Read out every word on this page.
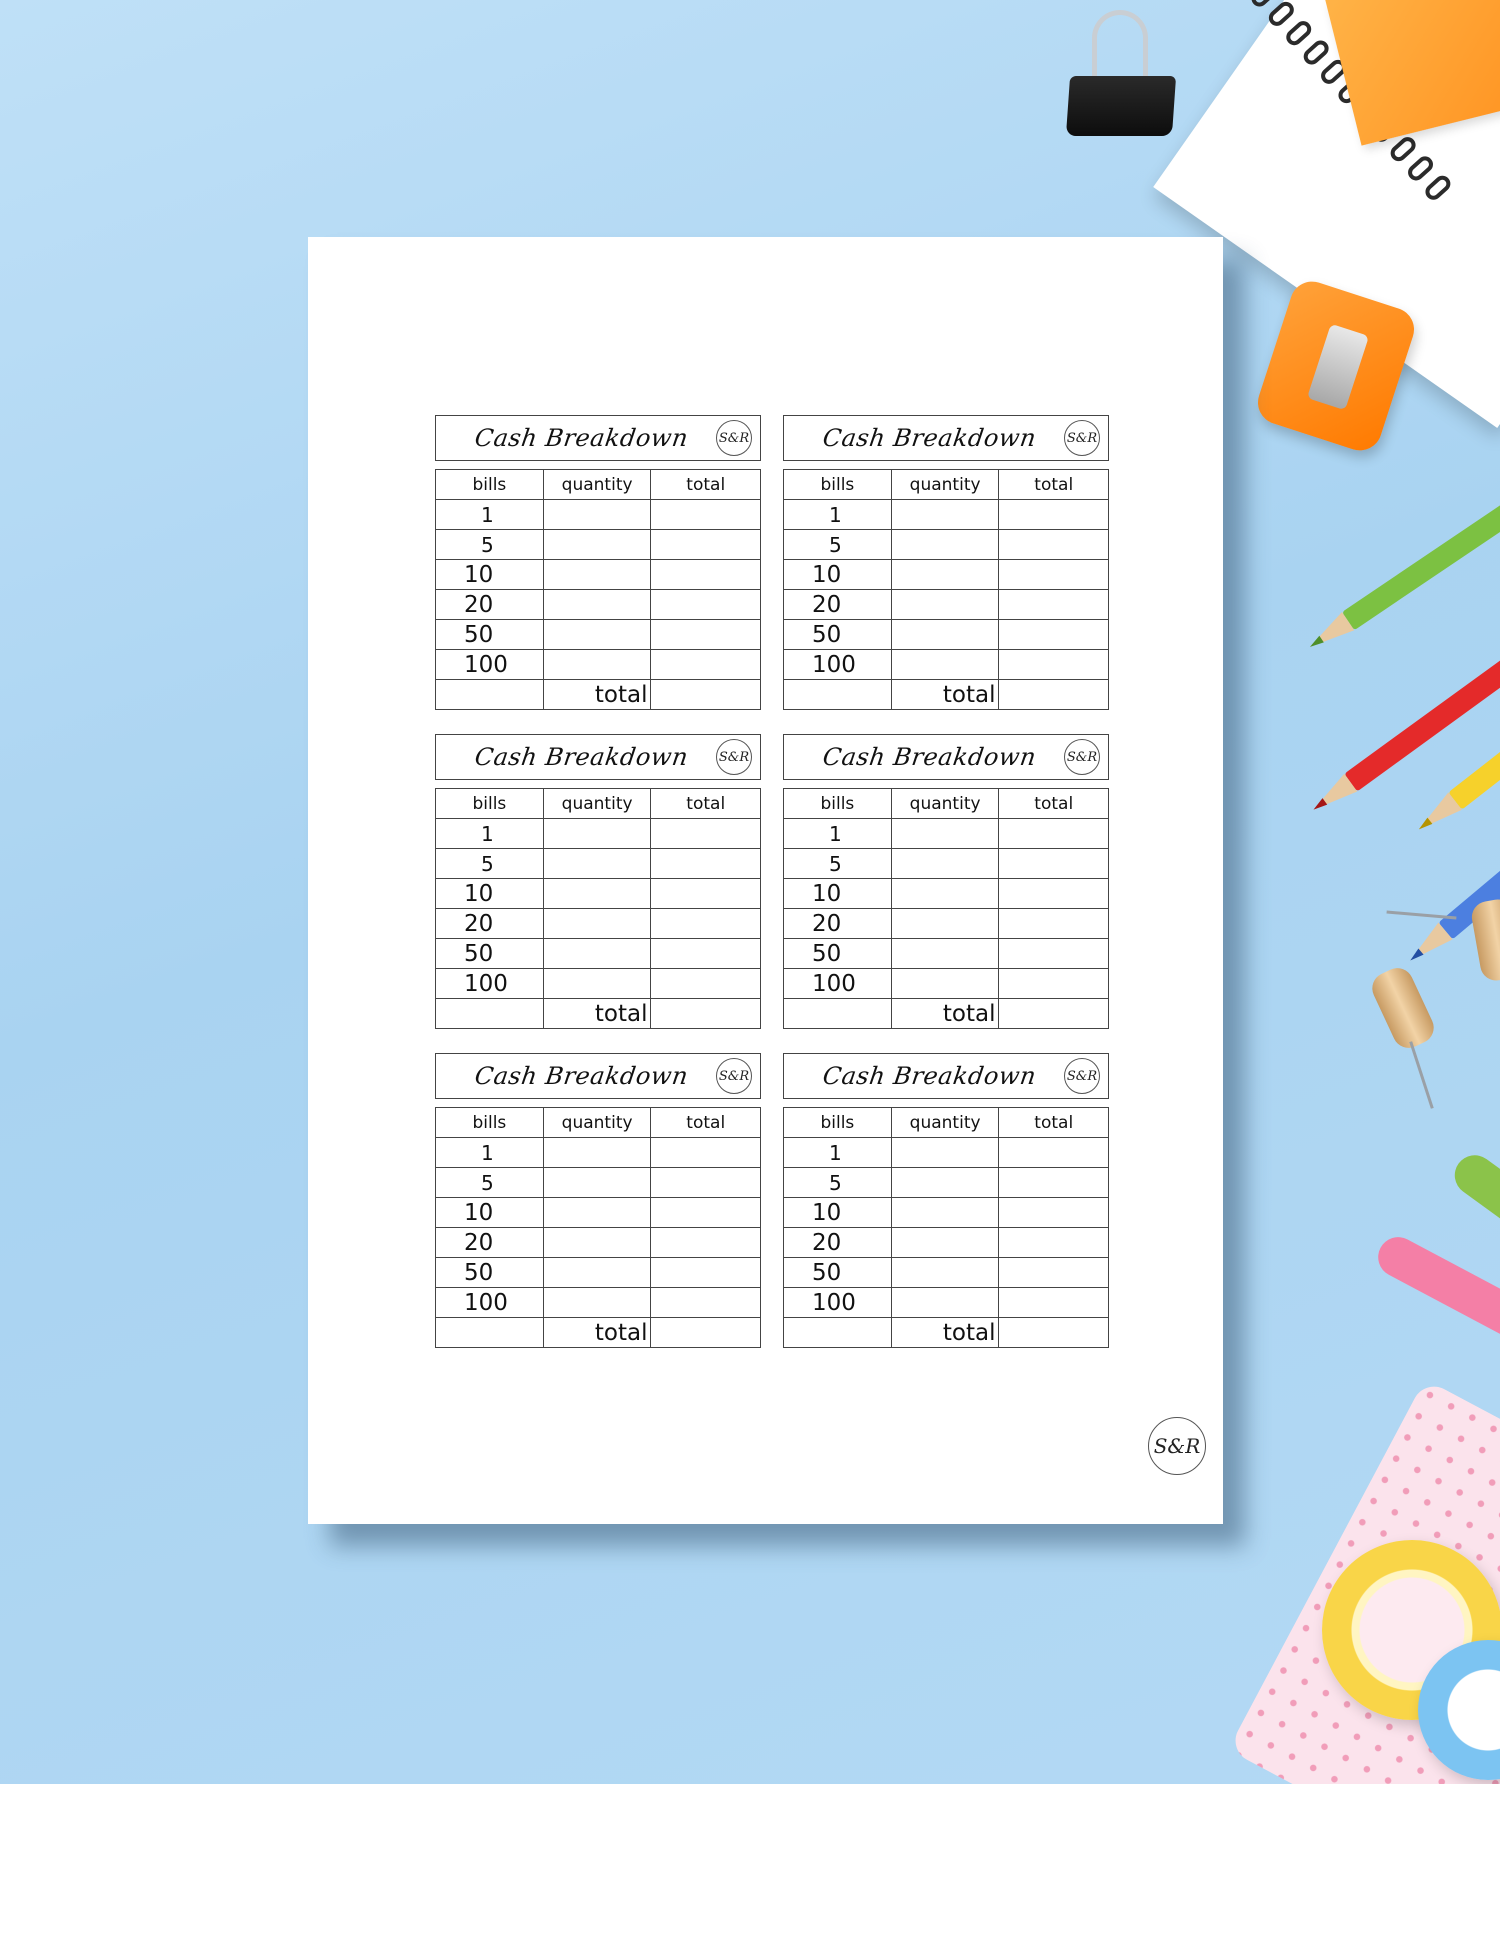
Cash Breakdown S&R
bills	quantity	total
1		
5		
10		
20		
50		
100		
	total	
Cash Breakdown S&R
bills	quantity	total
1		
5		
10		
20		
50		
100		
	total	
Cash Breakdown S&R
bills	quantity	total
1		
5		
10		
20		
50		
100		
	total	
Cash Breakdown S&R
bills	quantity	total
1		
5		
10		
20		
50		
100		
	total	
Cash Breakdown S&R
bills	quantity	total
1		
5		
10		
20		
50		
100		
	total	
Cash Breakdown S&R
bills	quantity	total
1		
5		
10		
20		
50		
100		
	total	
S&R
